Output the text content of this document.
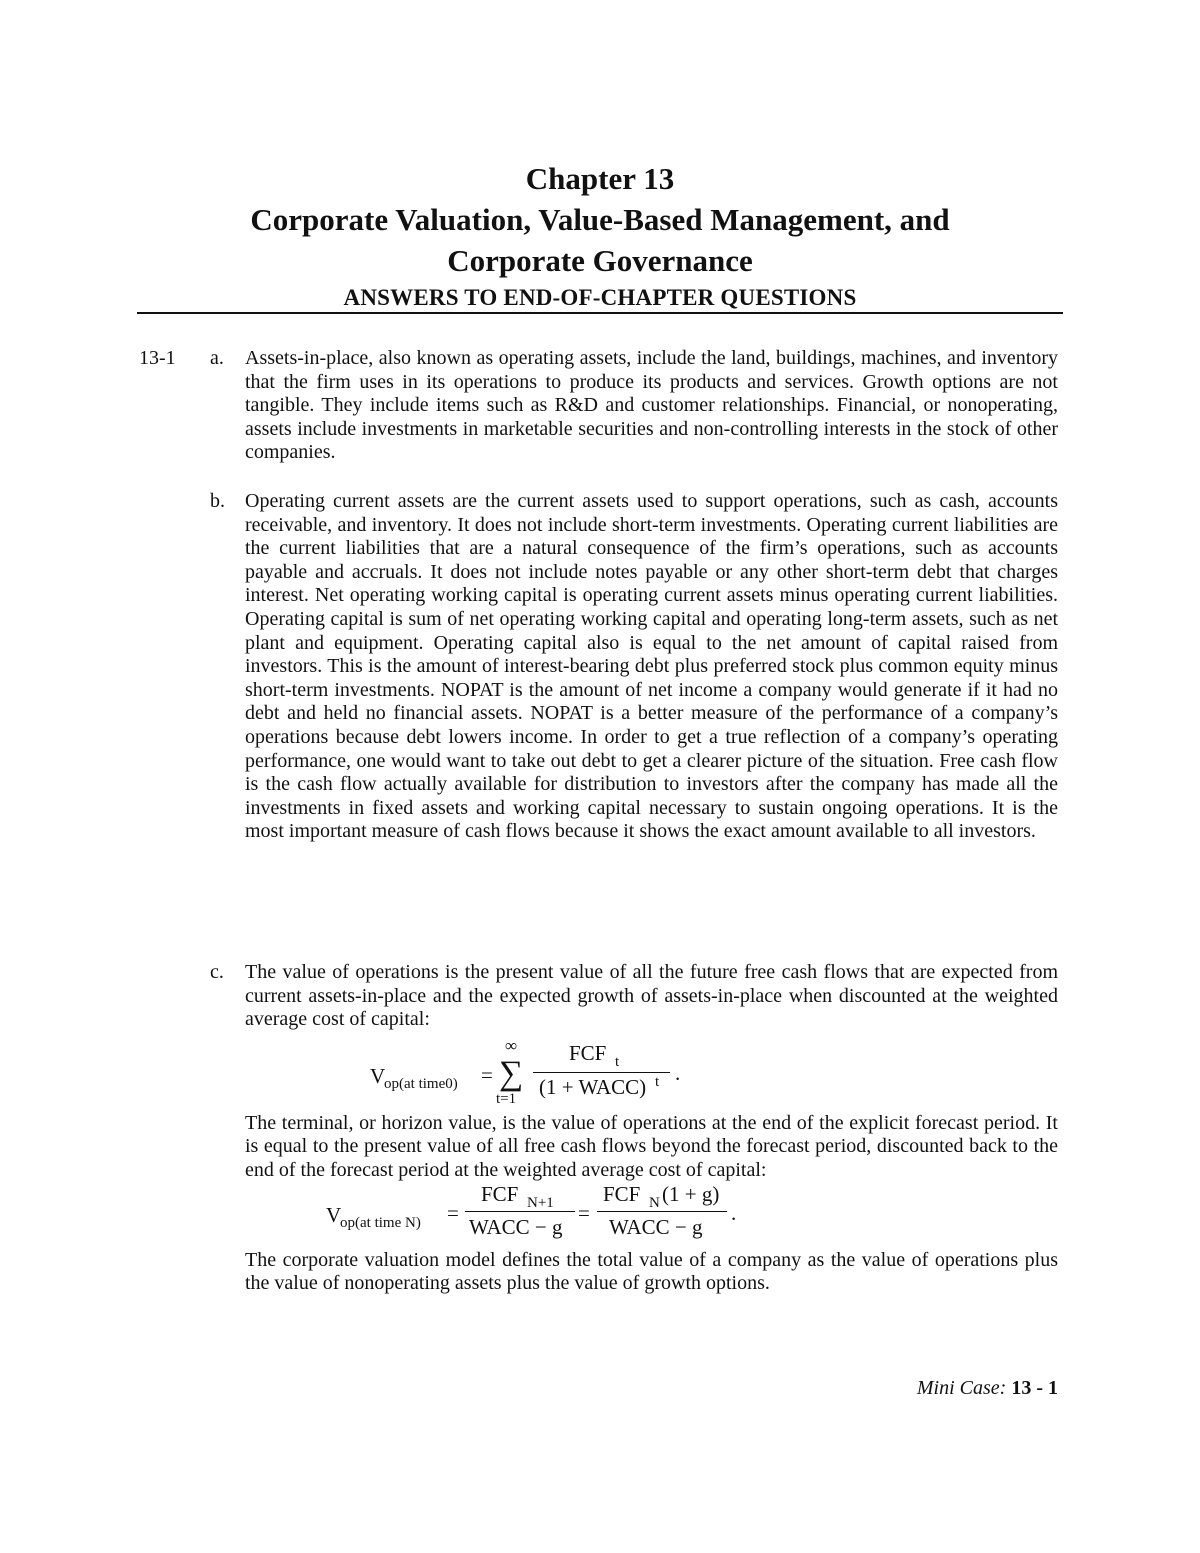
Chapter 13
Corporate Valuation, Value-Based Management, and
Corporate Governance
ANSWERS TO END-OF-CHAPTER QUESTIONS
13-1 a. Assets-in-place, also known as operating assets, include the land, buildings, machines, and inventory that the firm uses in its operations to produce its products and services. Growth options are not tangible. They include items such as R&D and customer relationships. Financial, or nonoperating, assets include investments in marketable securities and non-controlling interests in the stock of other companies.

b. Operating current assets are the current assets used to support operations, such as cash, accounts receivable, and inventory. It does not include short-term investments. Operating current liabilities are the current liabilities that are a natural consequence of the firm’s operations, such as accounts payable and accruals. It does not include notes payable or any other short-term debt that charges interest. Net operating working capital is operating current assets minus operating current liabilities. Operating capital is sum of net operating working capital and operating long-term assets, such as net plant and equipment. Operating capital also is equal to the net amount of capital raised from investors. This is the amount of interest-bearing debt plus preferred stock plus common equity minus short-term investments. NOPAT is the amount of net income a company would generate if it had no debt and held no financial assets. NOPAT is a better measure of the performance of a company’s operations because debt lowers income. In order to get a true reflection of a company’s operating performance, one would want to take out debt to get a clearer picture of the situation. Free cash flow is the cash flow actually available for distribution to investors after the company has made all the investments in fixed assets and working capital necessary to sustain ongoing operations. It is the most important measure of cash flows because it shows the exact amount available to all investors.

c. The value of operations is the present value of all the future free cash flows that are expected from current assets-in-place and the expected growth of assets-in-place when discounted at the weighted average cost of capital:

V
op(at time0) = ∑
∞
t=1
FCF t
(1 + WACC) t .

The terminal, or horizon value, is the value of operations at the end of the explicit forecast period. It is equal to the present value of all free cash flows beyond the forecast period, discounted back to the end of the forecast period at the weighted average cost of capital:

V
op(at time N) =
FCF N+1
WACC − g
=
FCF N (1 + g)
WACC − g
.

The corporate valuation model defines the total value of a company as the value of operations plus the value of nonoperating assets plus the value of growth options.

Mini Case: 13 - 1
